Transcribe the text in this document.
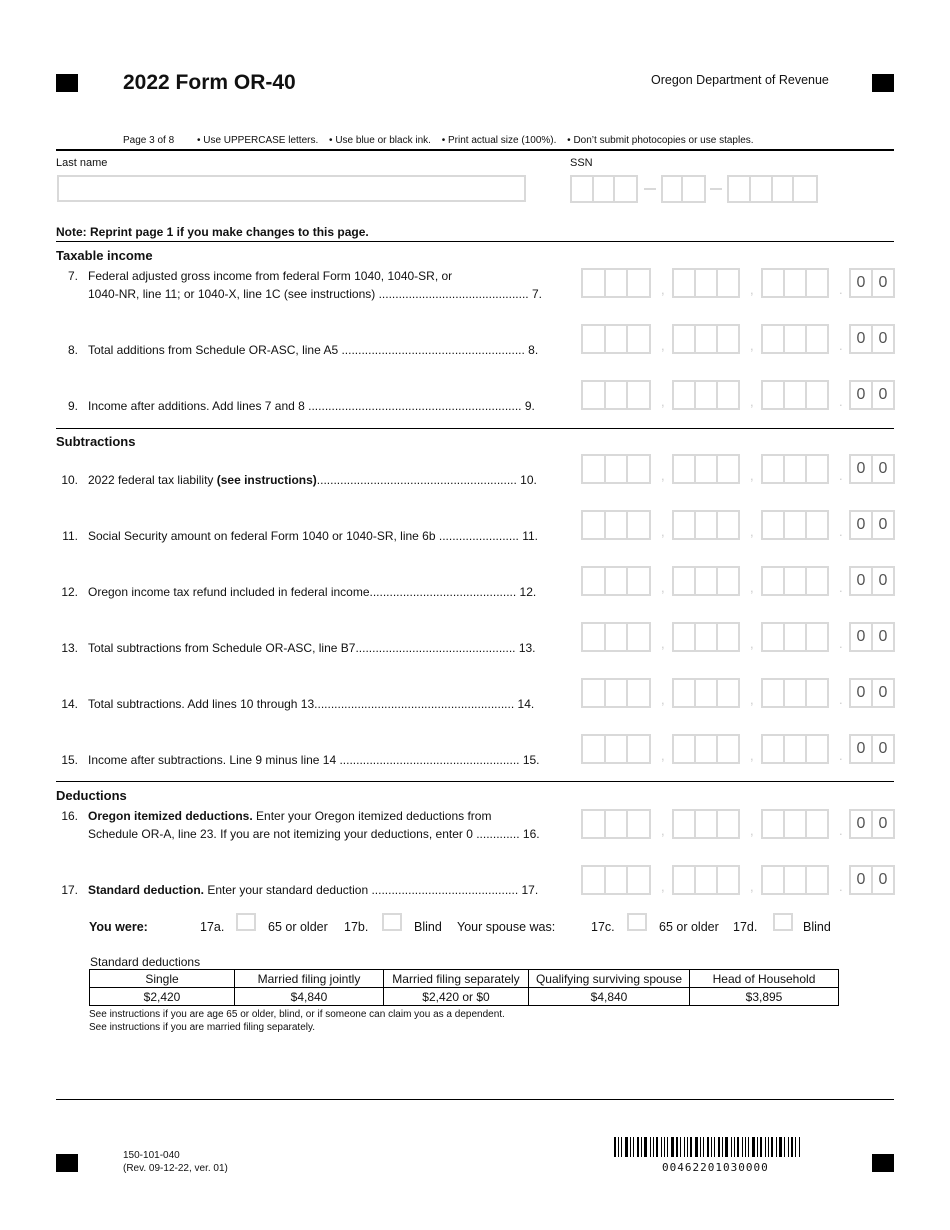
2022 Form OR-40	Oregon Department of Revenue
Page 3 of 8 • Use UPPERCASE letters. • Use blue or black ink. • Print actual size (100%). • Don’t submit photocopies or use staples.
Last name	SSN
Note: Reprint page 1 if you make changes to this page.
Taxable income
7. Federal adjusted gross income from federal Form 1040, 1040-SR, or
1040-NR, line 11; or 1040-X, line 1C (see instructions) ............................................. 7.	,	,	. 0 0
8. Total additions from Schedule OR-ASC, line A5 ....................................................... 8.	,	,	. 0 0
9. Income after additions. Add lines 7 and 8 ................................................................ 9.	,	,	. 0 0
Subtractions
10. 2022 federal tax liability (see instructions)............................................................ 10.	,	,	. 0 0
11. Social Security amount on federal Form 1040 or 1040-SR, line 6b ........................ 11.	,	,	. 0 0
12. Oregon income tax refund included in federal income............................................ 12.	,	,	. 0 0
13. Total subtractions from Schedule OR-ASC, line B7................................................ 13.	,	,	. 0 0
14. Total subtractions. Add lines 10 through 13............................................................ 14.	,	,	. 0 0
15. Income after subtractions. Line 9 minus line 14 ...................................................... 15.	,	,	. 0 0
Deductions
16. Oregon itemized deductions. Enter your Oregon itemized deductions from
Schedule OR-A, line 23. If you are not itemizing your deductions, enter 0 ............. 16.	,	,	. 0 0
17. Standard deduction. Enter your standard deduction ............................................ 17.	,	,	. 0 0
You were:	17a.	65 or older 17b.	Blind Your spouse was:	17c.	65 or older 17d.	Blind
Standard deductions
Single	Married filing jointly	Married filing separately	Qualifying surviving spouse	Head of Household
$2,420	$4,840	$2,420 or $0	$4,840	$3,895
See instructions if you are age 65 or older, blind, or if someone can claim you as a dependent.
See instructions if you are married filing separately.
150-101-040
(Rev. 09-12-22, ver. 01)	00462201030000
